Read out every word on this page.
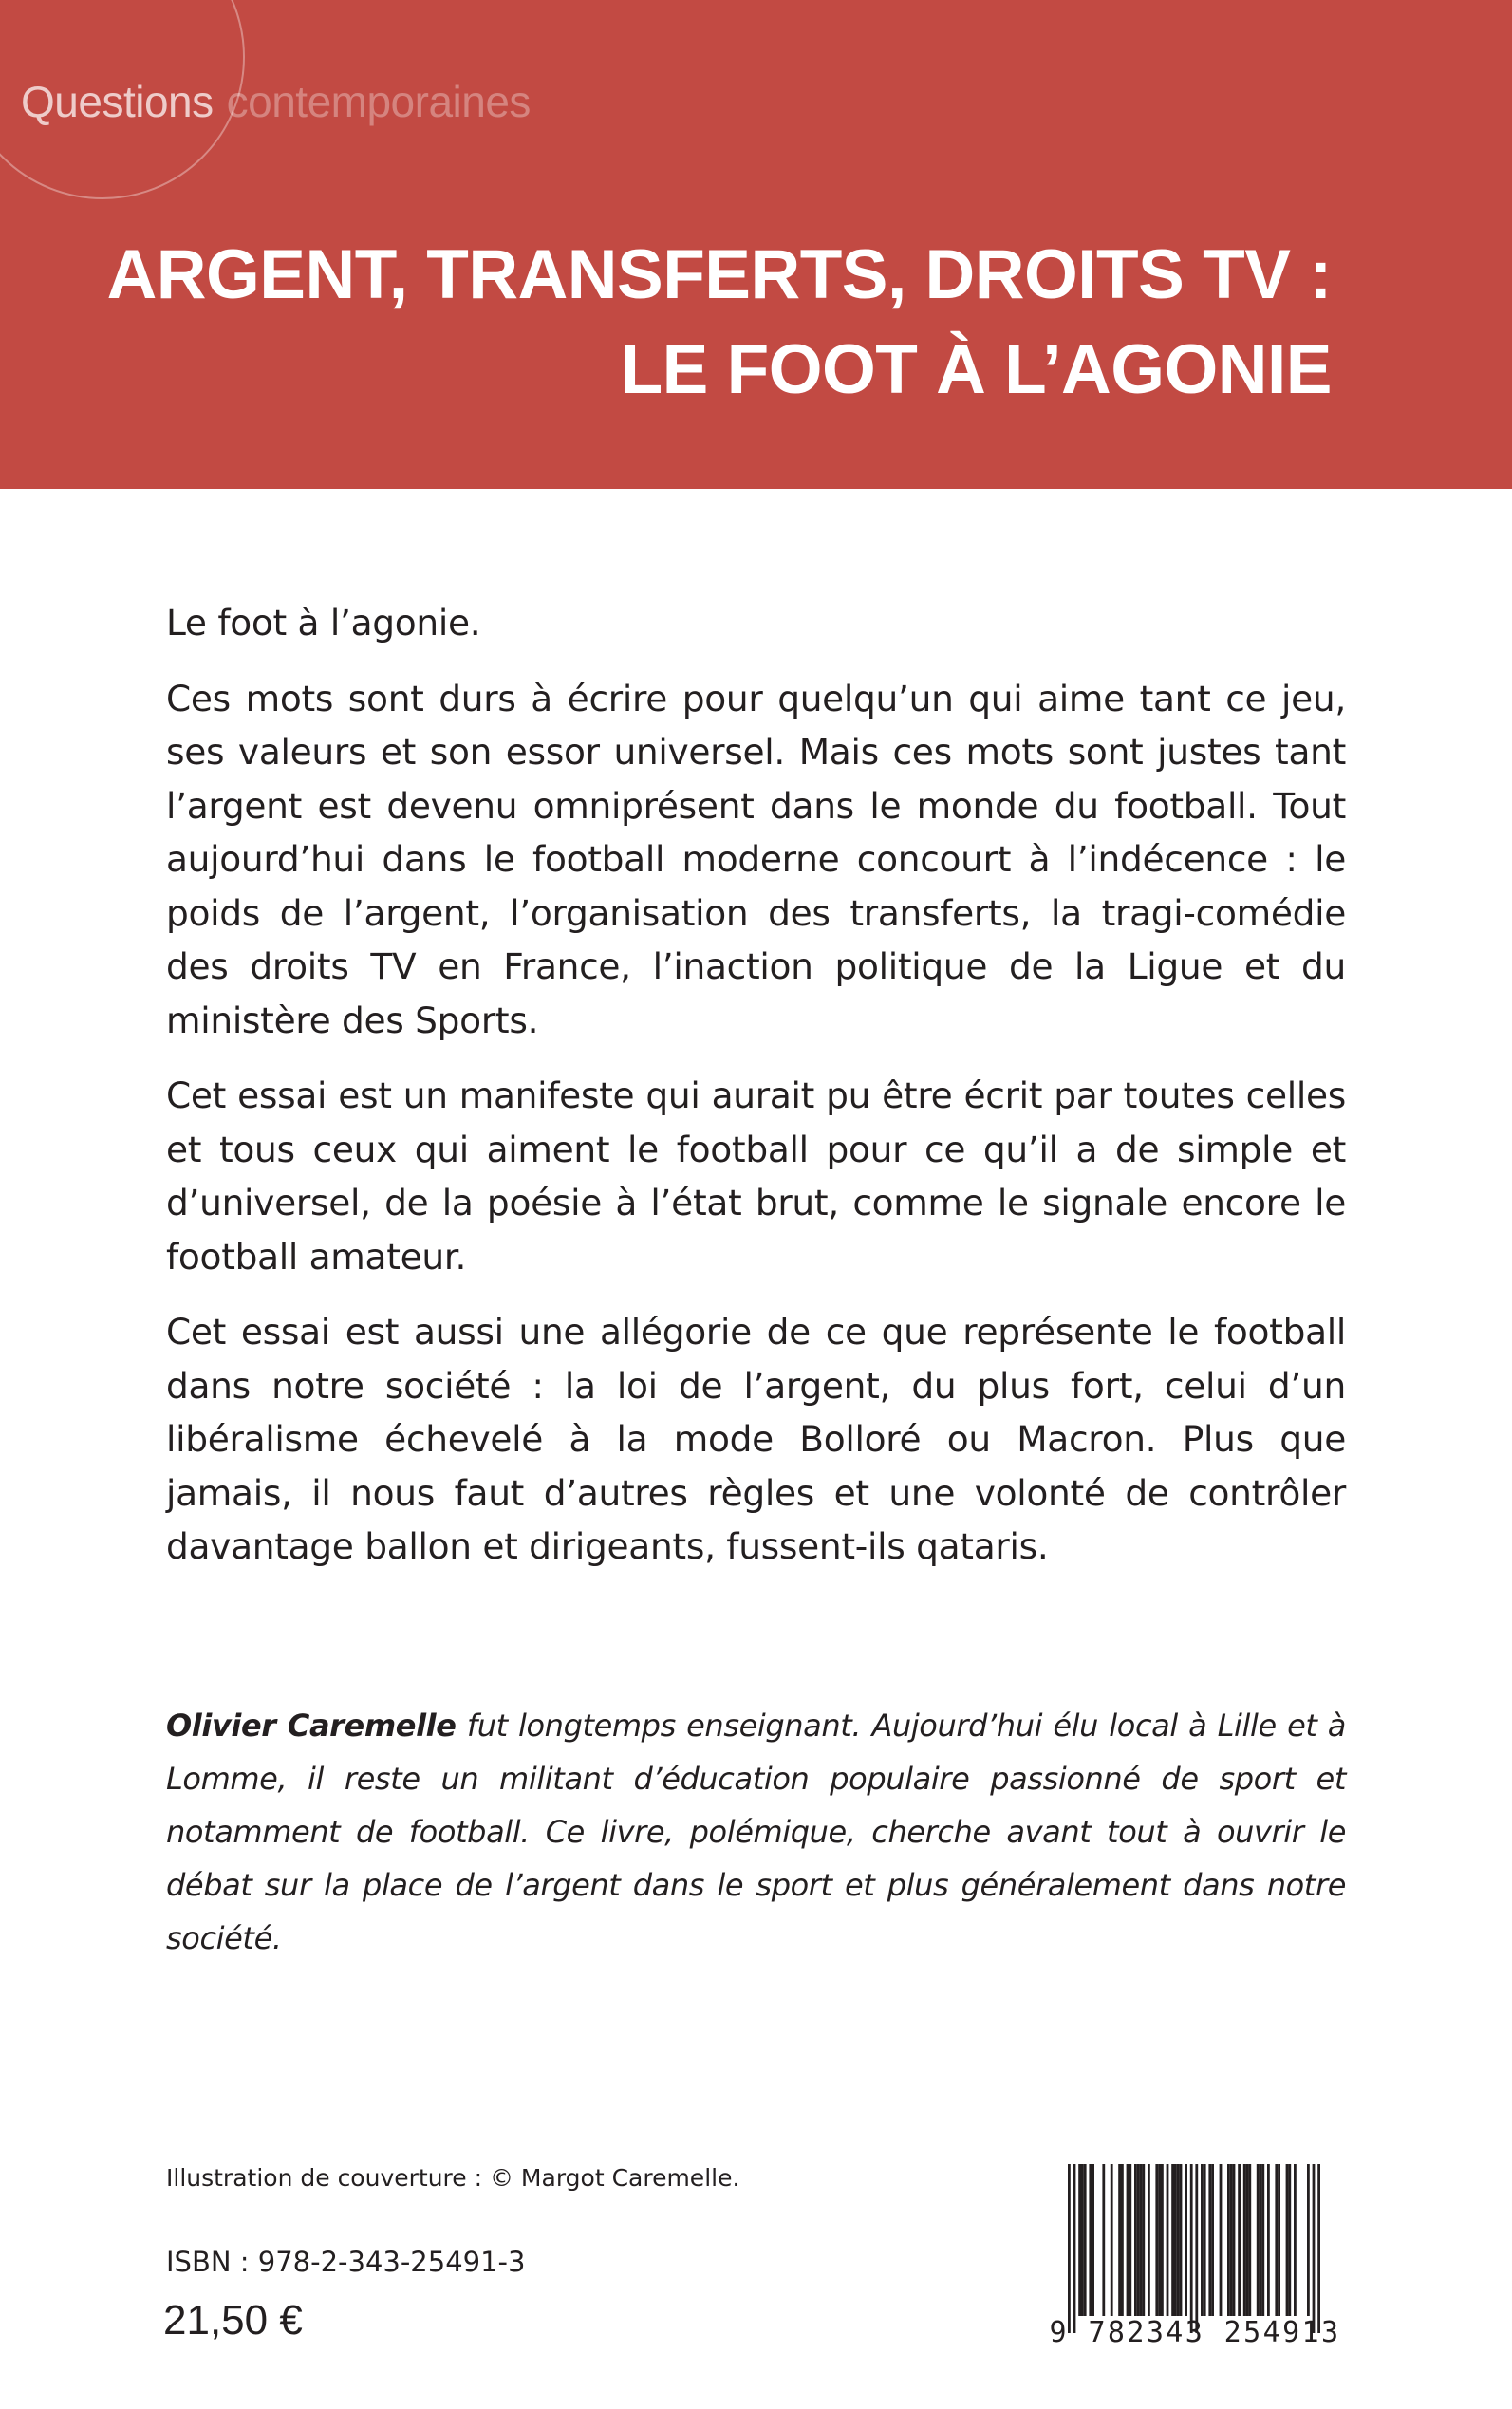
Questions contemporaines
ARGENT, TRANSFERTS, DROITS TV :
LE FOOT À L’AGONIE

Le foot à l’agonie.

Ces mots sont durs à écrire pour quelqu’un qui aime tant ce jeu, ses valeurs et son essor universel. Mais ces mots sont justes tant l’argent est devenu omniprésent dans le monde du football. Tout aujourd’hui dans le football moderne concourt à l’indécence : le poids de l’argent, l’organisation des transferts, la tragi-comédie des droits TV en France, l’inaction politique de la Ligue et du ministère des Sports.

Cet essai est un manifeste qui aurait pu être écrit par toutes celles et tous ceux qui aiment le football pour ce qu’il a de simple et d’universel, de la poésie à l’état brut, comme le signale encore le football amateur.

Cet essai est aussi une allégorie de ce que représente le football dans notre société : la loi de l’argent, du plus fort, celui d’un libéralisme échevelé à la mode Bolloré ou Macron. Plus que jamais, il nous faut d’autres règles et une volonté de contrôler davantage ballon et dirigeants, fussent-ils qataris.

Olivier Caremelle fut longtemps enseignant. Aujourd’hui élu local à Lille et à Lomme, il reste un militant d’éducation populaire passionné de sport et notamment de football. Ce livre, polémique, cherche avant tout à ouvrir le débat sur la place de l’argent dans le sport et plus généralement dans notre société.

Illustration de couverture : © Margot Caremelle.
ISBN : 978-2-343-25491-3
21,50 €	9 782343 254913
